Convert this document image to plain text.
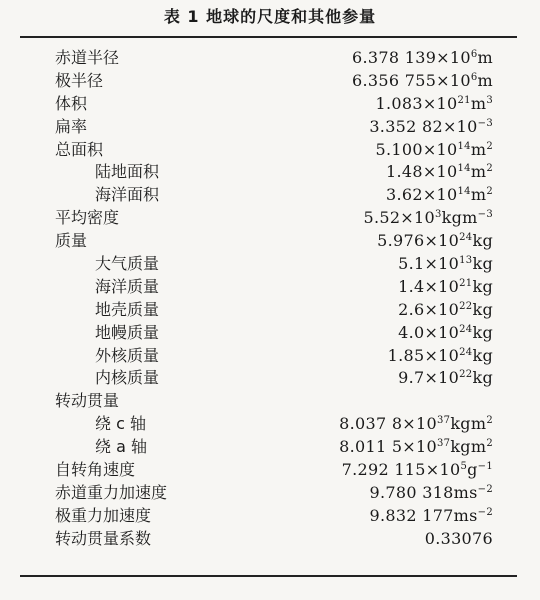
表 1 地球的尺度和其他参量
赤道半径	6.378 $139\times 10^6m$
极半径	6.356 $755\times 10^6m$
体积	$1.083\times 10^{21}m^3$
扁率	3.352 $82\times 10^{-3}$
总面积	$5.100\times 10^{14}m^2$
陆地面积	$1.48\times 10^{14}m^2$
海洋面积	$3.62\times 10^{14}m^2$
平均密度	$5.52\times 10^3kgm^{-3}$
质量	$5.976\times 10^{24}kg$
大气质量	$5.1\times 10^{13}kg$
海洋质量	$1.4\times 10^{21}kg$
地壳质量	$2.6\times 10^{22}kg$
地幔质量	$4.0\times 10^{24}kg$
外核质量	$1.85\times 10^{24}kg$
内核质量	$9.7\times 10^{22}kg$
转动贯量
绕 c 轴	8.037 $8\times 10^{37}kgm^2$
绕 a 轴	8.011 $5\times 10^{37}kgm^2$
自转角速度	7.292 $115\times 10^5g^{-1}$
赤道重力加速度	9.780 $318ms^{-2}$
极重力加速度	9.832 $177ms^{-2}$
转动贯量系数	0.33076
